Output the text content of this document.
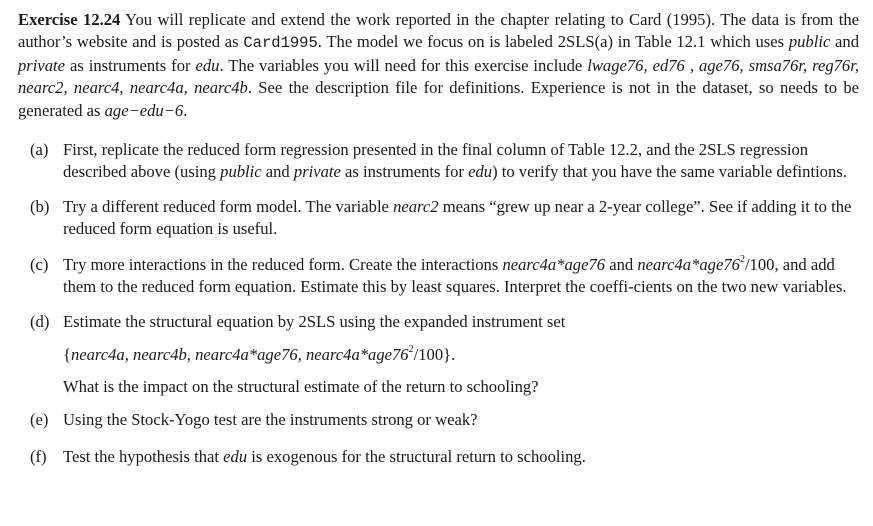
Exercise 12.24 You will replicate and extend the work reported in the chapter relating to Card (1995). The data is from the author’s website and is posted as Card1995. The model we focus on is labeled 2SLS(a) in Table 12.1 which uses public and private as instruments for edu. The variables you will need for this exercise include lwage76, ed76 , age76, smsa76r, reg76r, nearc2, nearc4, nearc4a, nearc4b. See the description file for definitions. Experience is not in the dataset, so needs to be generated as age−edu−6.

(a) First, replicate the reduced form regression presented in the final column of Table 12.2, and the 2SLS regression described above (using public and private as instruments for edu) to verify that you have the same variable defintions.

(b) Try a different reduced form model. The variable nearc2 means “grew up near a 2-year college”. See if adding it to the reduced form equation is useful.

(c) Try more interactions in the reduced form. Create the interactions nearc4a*age76 and $nearc4a*age76^2/100$, and add them to the reduced form equation. Estimate this by least squares. Interpret the coeffi-cients on the two new variables.

(d) Estimate the structural equation by 2SLS using the expanded instrument set
{nearc4a, nearc4b, nearc4a*age76, $nearc4a*age76^2/100$}.
What is the impact on the structural estimate of the return to schooling?

(e) Using the Stock-Yogo test are the instruments strong or weak?

(f) Test the hypothesis that edu is exogenous for the structural return to schooling.
